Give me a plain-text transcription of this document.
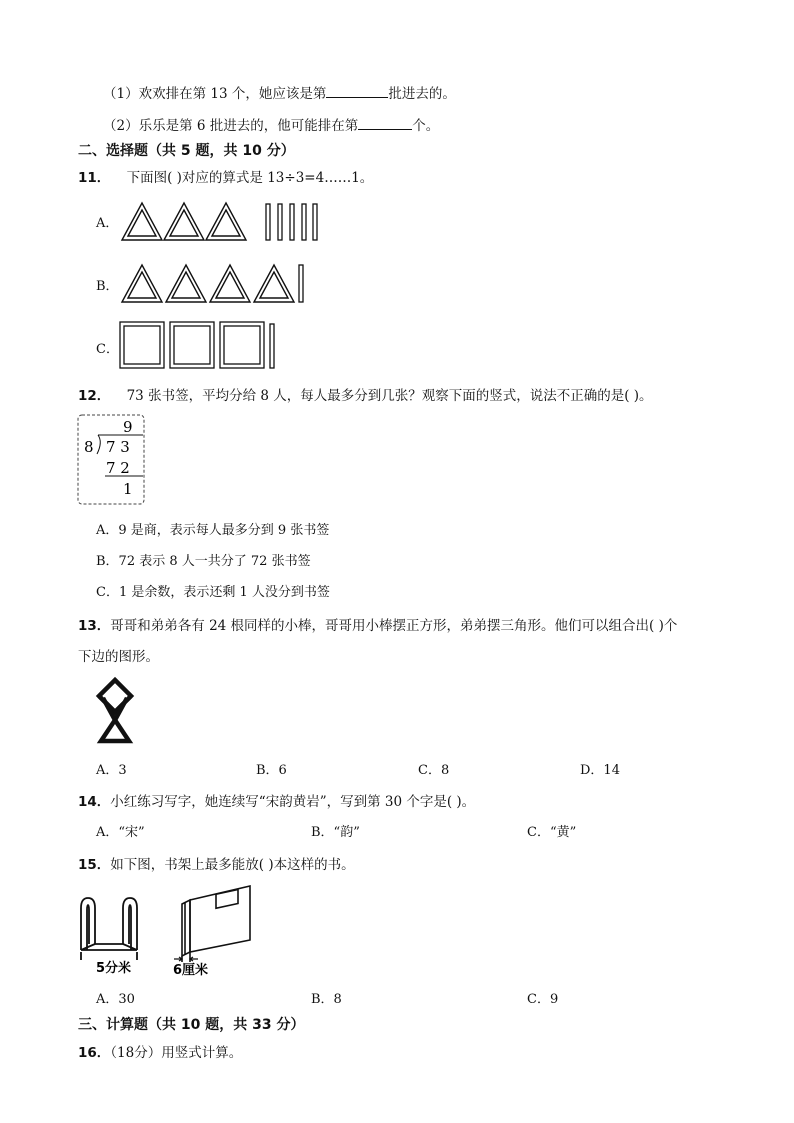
（1）欢欢排在第 13 个，她应该是第	批进去的。
（2）乐乐是第 6 批进去的，他可能排在第	个。
二、选择题（共 5 题，共 10 分）
11． 下面图( )对应的算式是 13÷3=4……1。
A．
B．
C．
12． 73 张书签，平均分给 8 人，每人最多分到几张？观察下面的竖式，说法不正确的是( )。
9
8 7 3
7 2
1
A．9 是商，表示每人最多分到 9 张书签
B．72 表示 8 人一共分了 72 张书签
C．1 是余数，表示还剩 1 人没分到书签
13．哥哥和弟弟各有 24 根同样的小棒，哥哥用小棒摆正方形，弟弟摆三角形。他们可以组合出( )个
下边的图形。
A．3	B．6	C．8	D．14
14．小红练习写字，她连续写“宋韵黄岩”，写到第 30 个字是( )。
A．“宋”	B．“韵”	C．“黄”
15．如下图，书架上最多能放( )本这样的书。
5分米	6厘米
A．30	B．8	C．9
三、计算题（共 10 题，共 33 分）
16．（18分）用竖式计算。
